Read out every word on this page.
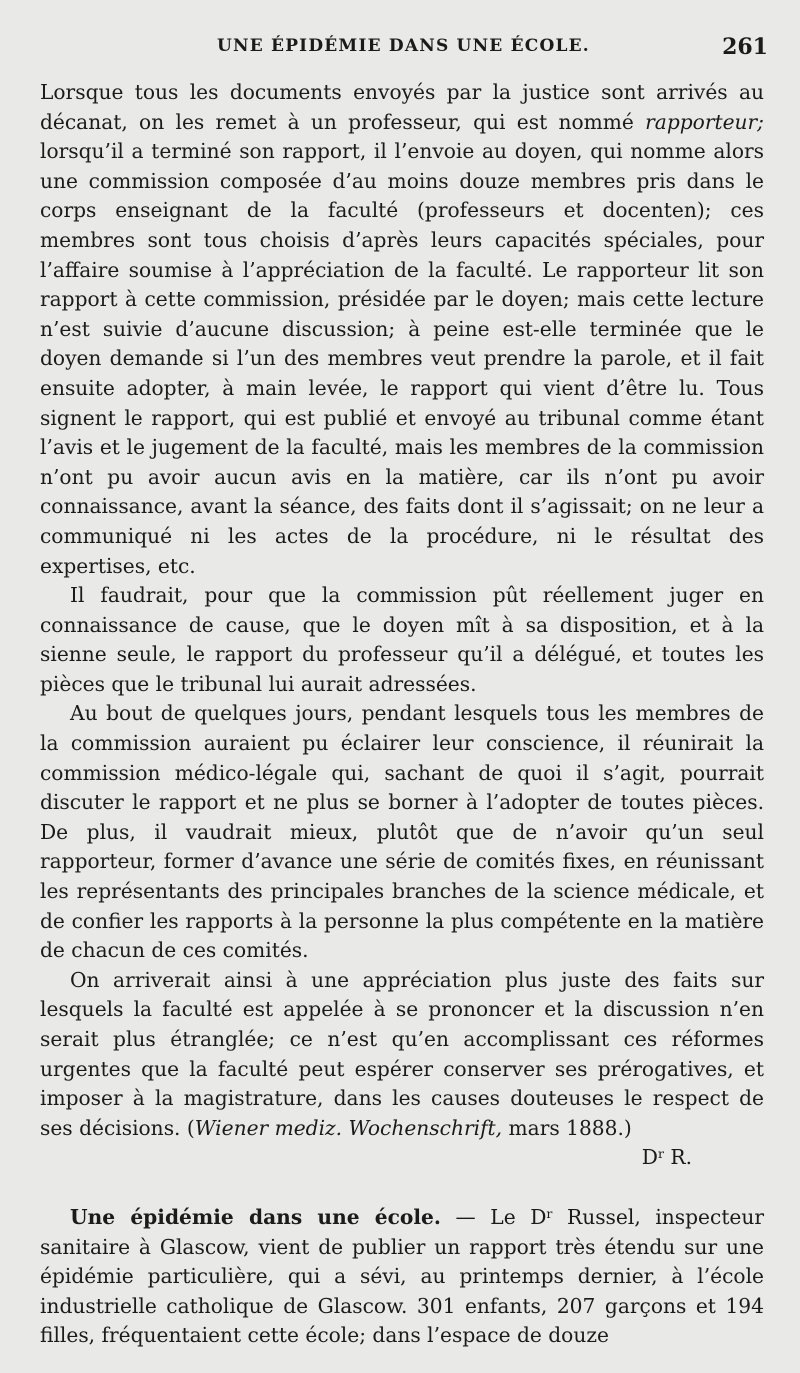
UNE ÉPIDÉMIE DANS UNE ÉCOLE.	261

Lorsque tous les documents envoyés par la justice sont arrivés au décanat, on les remet à un professeur, qui est nommé rapporteur; lorsqu’il a terminé son rapport, il l’envoie au doyen, qui nomme alors une commission composée d’au moins douze membres pris dans le corps enseignant de la faculté (professeurs et docenten); ces membres sont tous choisis d’après leurs capacités spéciales, pour l’affaire soumise à l’appréciation de la faculté. Le rapporteur lit son rapport à cette commission, présidée par le doyen; mais cette lecture n’est suivie d’aucune discussion; à peine est-elle terminée que le doyen demande si l’un des membres veut prendre la parole, et il fait ensuite adopter, à main levée, le rapport qui vient d’être lu. Tous signent le rapport, qui est publié et envoyé au tribunal comme étant l’avis et le jugement de la faculté, mais les membres de la commission n’ont pu avoir aucun avis en la matière, car ils n’ont pu avoir connaissance, avant la séance, des faits dont il s’agissait; on ne leur a communiqué ni les actes de la procédure, ni le résultat des expertises, etc.

Il faudrait, pour que la commission pût réellement juger en connaissance de cause, que le doyen mît à sa disposition, et à la sienne seule, le rapport du professeur qu’il a délégué, et toutes les pièces que le tribunal lui aurait adressées.

Au bout de quelques jours, pendant lesquels tous les membres de la commission auraient pu éclairer leur conscience, il réunirait la commission médico-légale qui, sachant de quoi il s’agit, pourrait discuter le rapport et ne plus se borner à l’adopter de toutes pièces. De plus, il vaudrait mieux, plutôt que de n’avoir qu’un seul rapporteur, former d’avance une série de comités fixes, en réunissant les représentants des principales branches de la science médicale, et de confier les rapports à la personne la plus compétente en la matière de chacun de ces comités.

On arriverait ainsi à une appréciation plus juste des faits sur lesquels la faculté est appelée à se prononcer et la discussion n’en serait plus étranglée; ce n’est qu’en accomplissant ces réformes urgentes que la faculté peut espérer conserver ses prérogatives, et imposer à la magistrature, dans les causes douteuses le respect de ses décisions. (Wiener mediz. Wochenschrift, mars 1888.)

$D^r$ R.

Une épidémie dans une école. — Le $D^r$ Russel, inspecteur sanitaire à Glascow, vient de publier un rapport très étendu sur une épidémie particulière, qui a sévi, au printemps dernier, à l’école industrielle catholique de Glascow. 301 enfants, 207 garçons et 194 filles, fréquentaient cette école; dans l’espace de douze
